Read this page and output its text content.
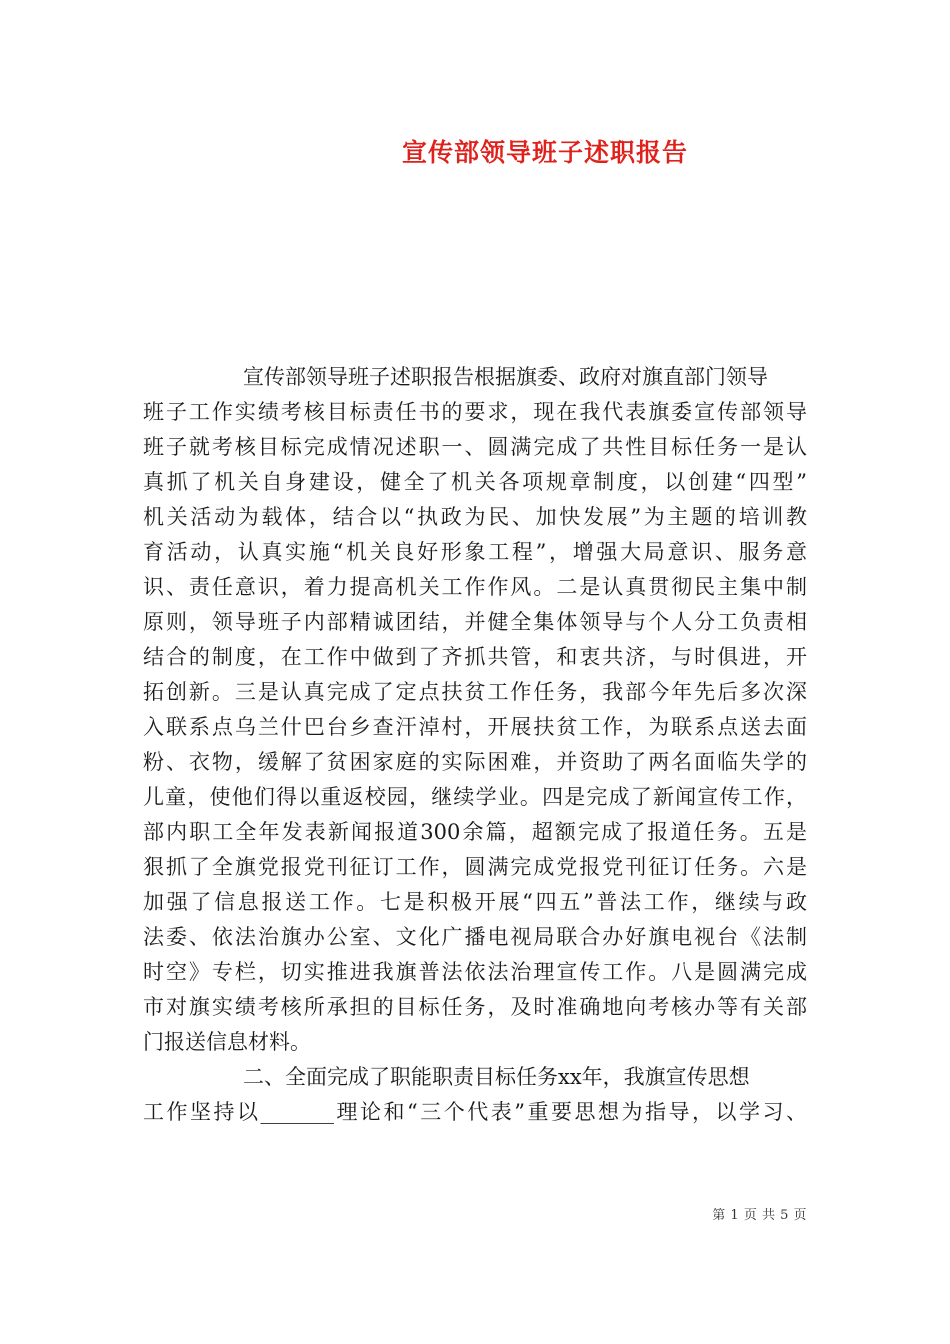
宣传部领导班子述职报告
宣传部领导班子述职报告根据旗委、政府对旗直部门领导
班子工作实绩考核目标责任书的要求，现在我代表旗委宣传部领导
班子就考核目标完成情况述职一、圆满完成了共性目标任务一是认
真抓了机关自身建设，健全了机关各项规章制度，以创建“四型”
机关活动为载体，结合以“执政为民、加快发展”为主题的培训教
育活动，认真实施“机关良好形象工程”，增强大局意识、服务意
识、责任意识，着力提高机关工作作风。二是认真贯彻民主集中制
原则，领导班子内部精诚团结，并健全集体领导与个人分工负责相
结合的制度，在工作中做到了齐抓共管，和衷共济，与时俱进，开
拓创新。三是认真完成了定点扶贫工作任务，我部今年先后多次深
入联系点乌兰什巴台乡查汗淖村，开展扶贫工作，为联系点送去面
粉、衣物，缓解了贫困家庭的实际困难，并资助了两名面临失学的
儿童，使他们得以重返校园，继续学业。四是完成了新闻宣传工作，
部内职工全年发表新闻报道300余篇，超额完成了报道任务。五是
狠抓了全旗党报党刊征订工作，圆满完成党报党刊征订任务。六是
加强了信息报送工作。七是积极开展“四五”普法工作，继续与政
法委、依法治旗办公室、文化广播电视局联合办好旗电视台《法制
时空》专栏，切实推进我旗普法依法治理宣传工作。八是圆满完成
市对旗实绩考核所承担的目标任务，及时准确地向考核办等有关部
门报送信息材料。
二、全面完成了职能职责目标任务xx年，我旗宣传思想
工作坚持以_______理论和“三个代表”重要思想为指导，以学习、
第 1 页 共 5 页
